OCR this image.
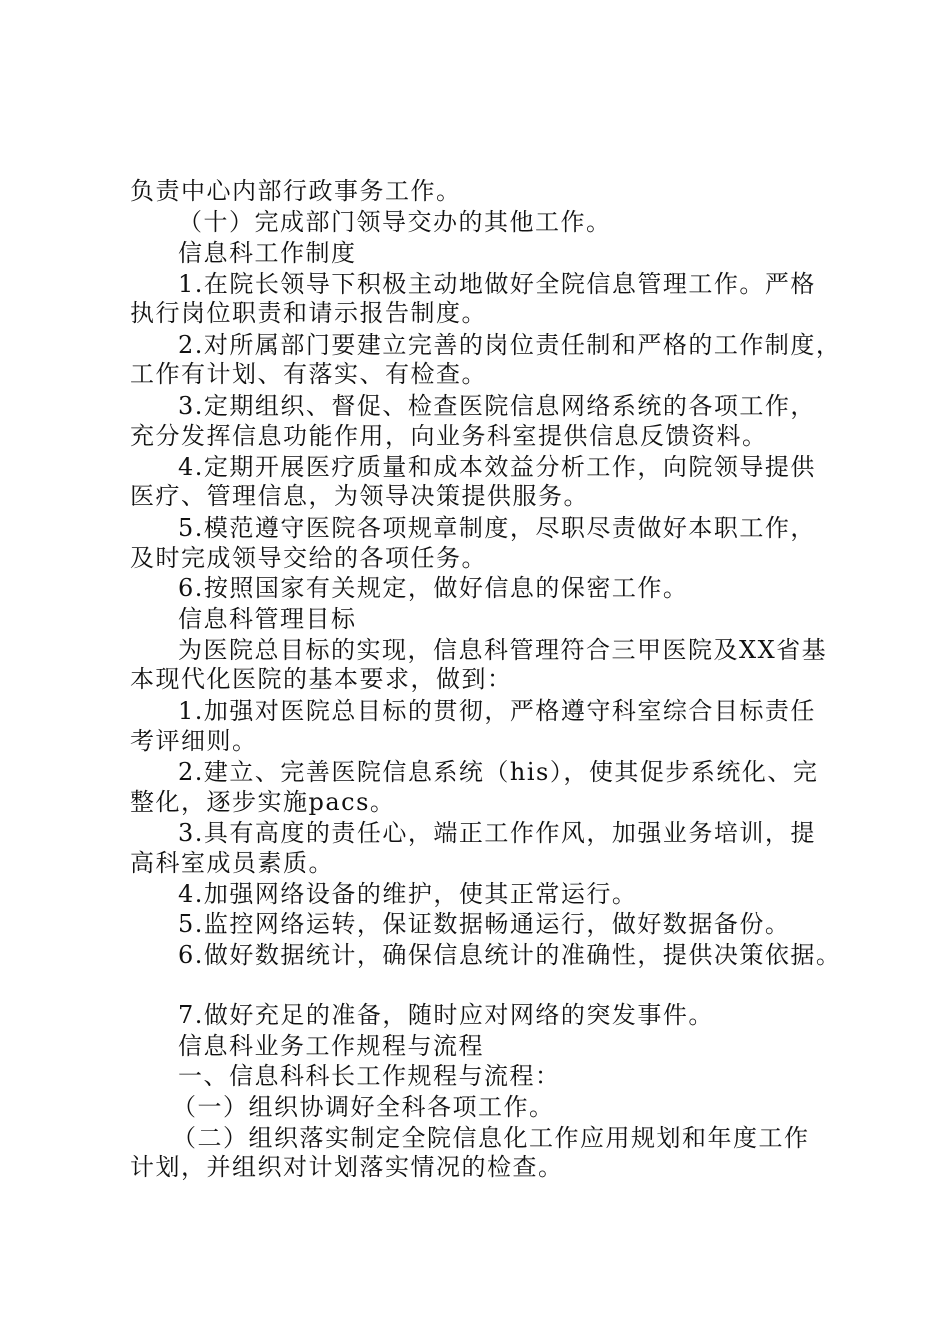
负责中心内部行政事务工作。
（十）完成部门领导交办的其他工作。
信息科工作制度
1.在院长领导下积极主动地做好全院信息管理工作。严格
执行岗位职责和请示报告制度。
2.对所属部门要建立完善的岗位责任制和严格的工作制度，
工作有计划、有落实、有检查。
3.定期组织、督促、检查医院信息网络系统的各项工作，
充分发挥信息功能作用，向业务科室提供信息反馈资料。
4.定期开展医疗质量和成本效益分析工作，向院领导提供
医疗、管理信息，为领导决策提供服务。
5.模范遵守医院各项规章制度，尽职尽责做好本职工作，
及时完成领导交给的各项任务。
6.按照国家有关规定，做好信息的保密工作。
信息科管理目标
为医院总目标的实现，信息科管理符合三甲医院及XX省基
本现代化医院的基本要求，做到：
1.加强对医院总目标的贯彻，严格遵守科室综合目标责任
考评细则。
2.建立、完善医院信息系统（his），使其促步系统化、完
整化，逐步实施pacs。
3.具有高度的责任心，端正工作作风，加强业务培训，提
高科室成员素质。
4.加强网络设备的维护，使其正常运行。
5.监控网络运转，保证数据畅通运行，做好数据备份。
6.做好数据统计，确保信息统计的准确性，提供决策依据。
7.做好充足的准备，随时应对网络的突发事件。
信息科业务工作规程与流程
一、信息科科长工作规程与流程：
（一）组织协调好全科各项工作。
（二）组织落实制定全院信息化工作应用规划和年度工作
计划，并组织对计划落实情况的检查。
